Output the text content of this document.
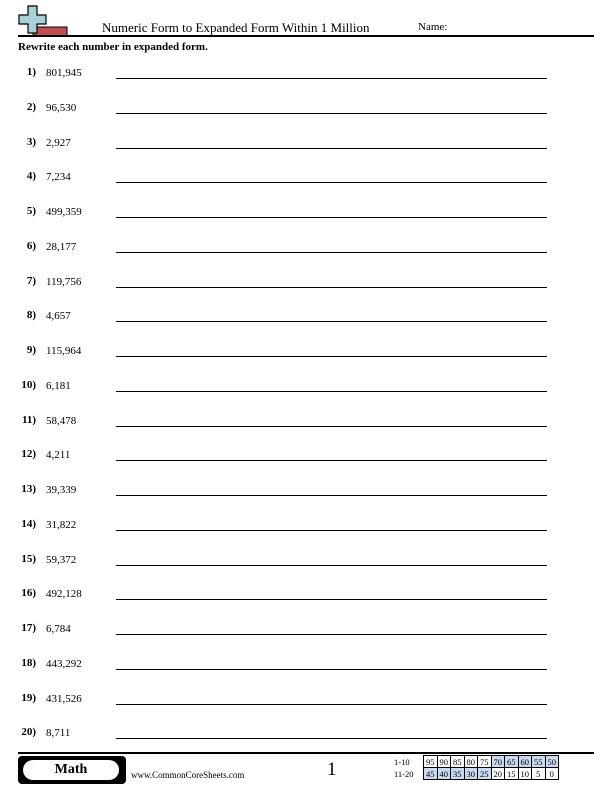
Numeric Form to Expanded Form Within 1 Million	Name:
Rewrite each number in expanded form.
1) 801,945
2) 96,530
3) 2,927
4) 7,234
5) 499,359
6) 28,177
7) 119,756
8) 4,657
9) 115,964
10) 6,181
11) 58,478
12) 4,211
13) 39,339
14) 31,822
15) 59,372
16) 492,128
17) 6,784
18) 443,292
19) 431,526
20) 8,711
Math	www.CommonCoreSheets.com	1	1-10	95	90	85	80	75	70	65	60	55	50
11-20	45	40	35	30	25	20	15	10	5	0
